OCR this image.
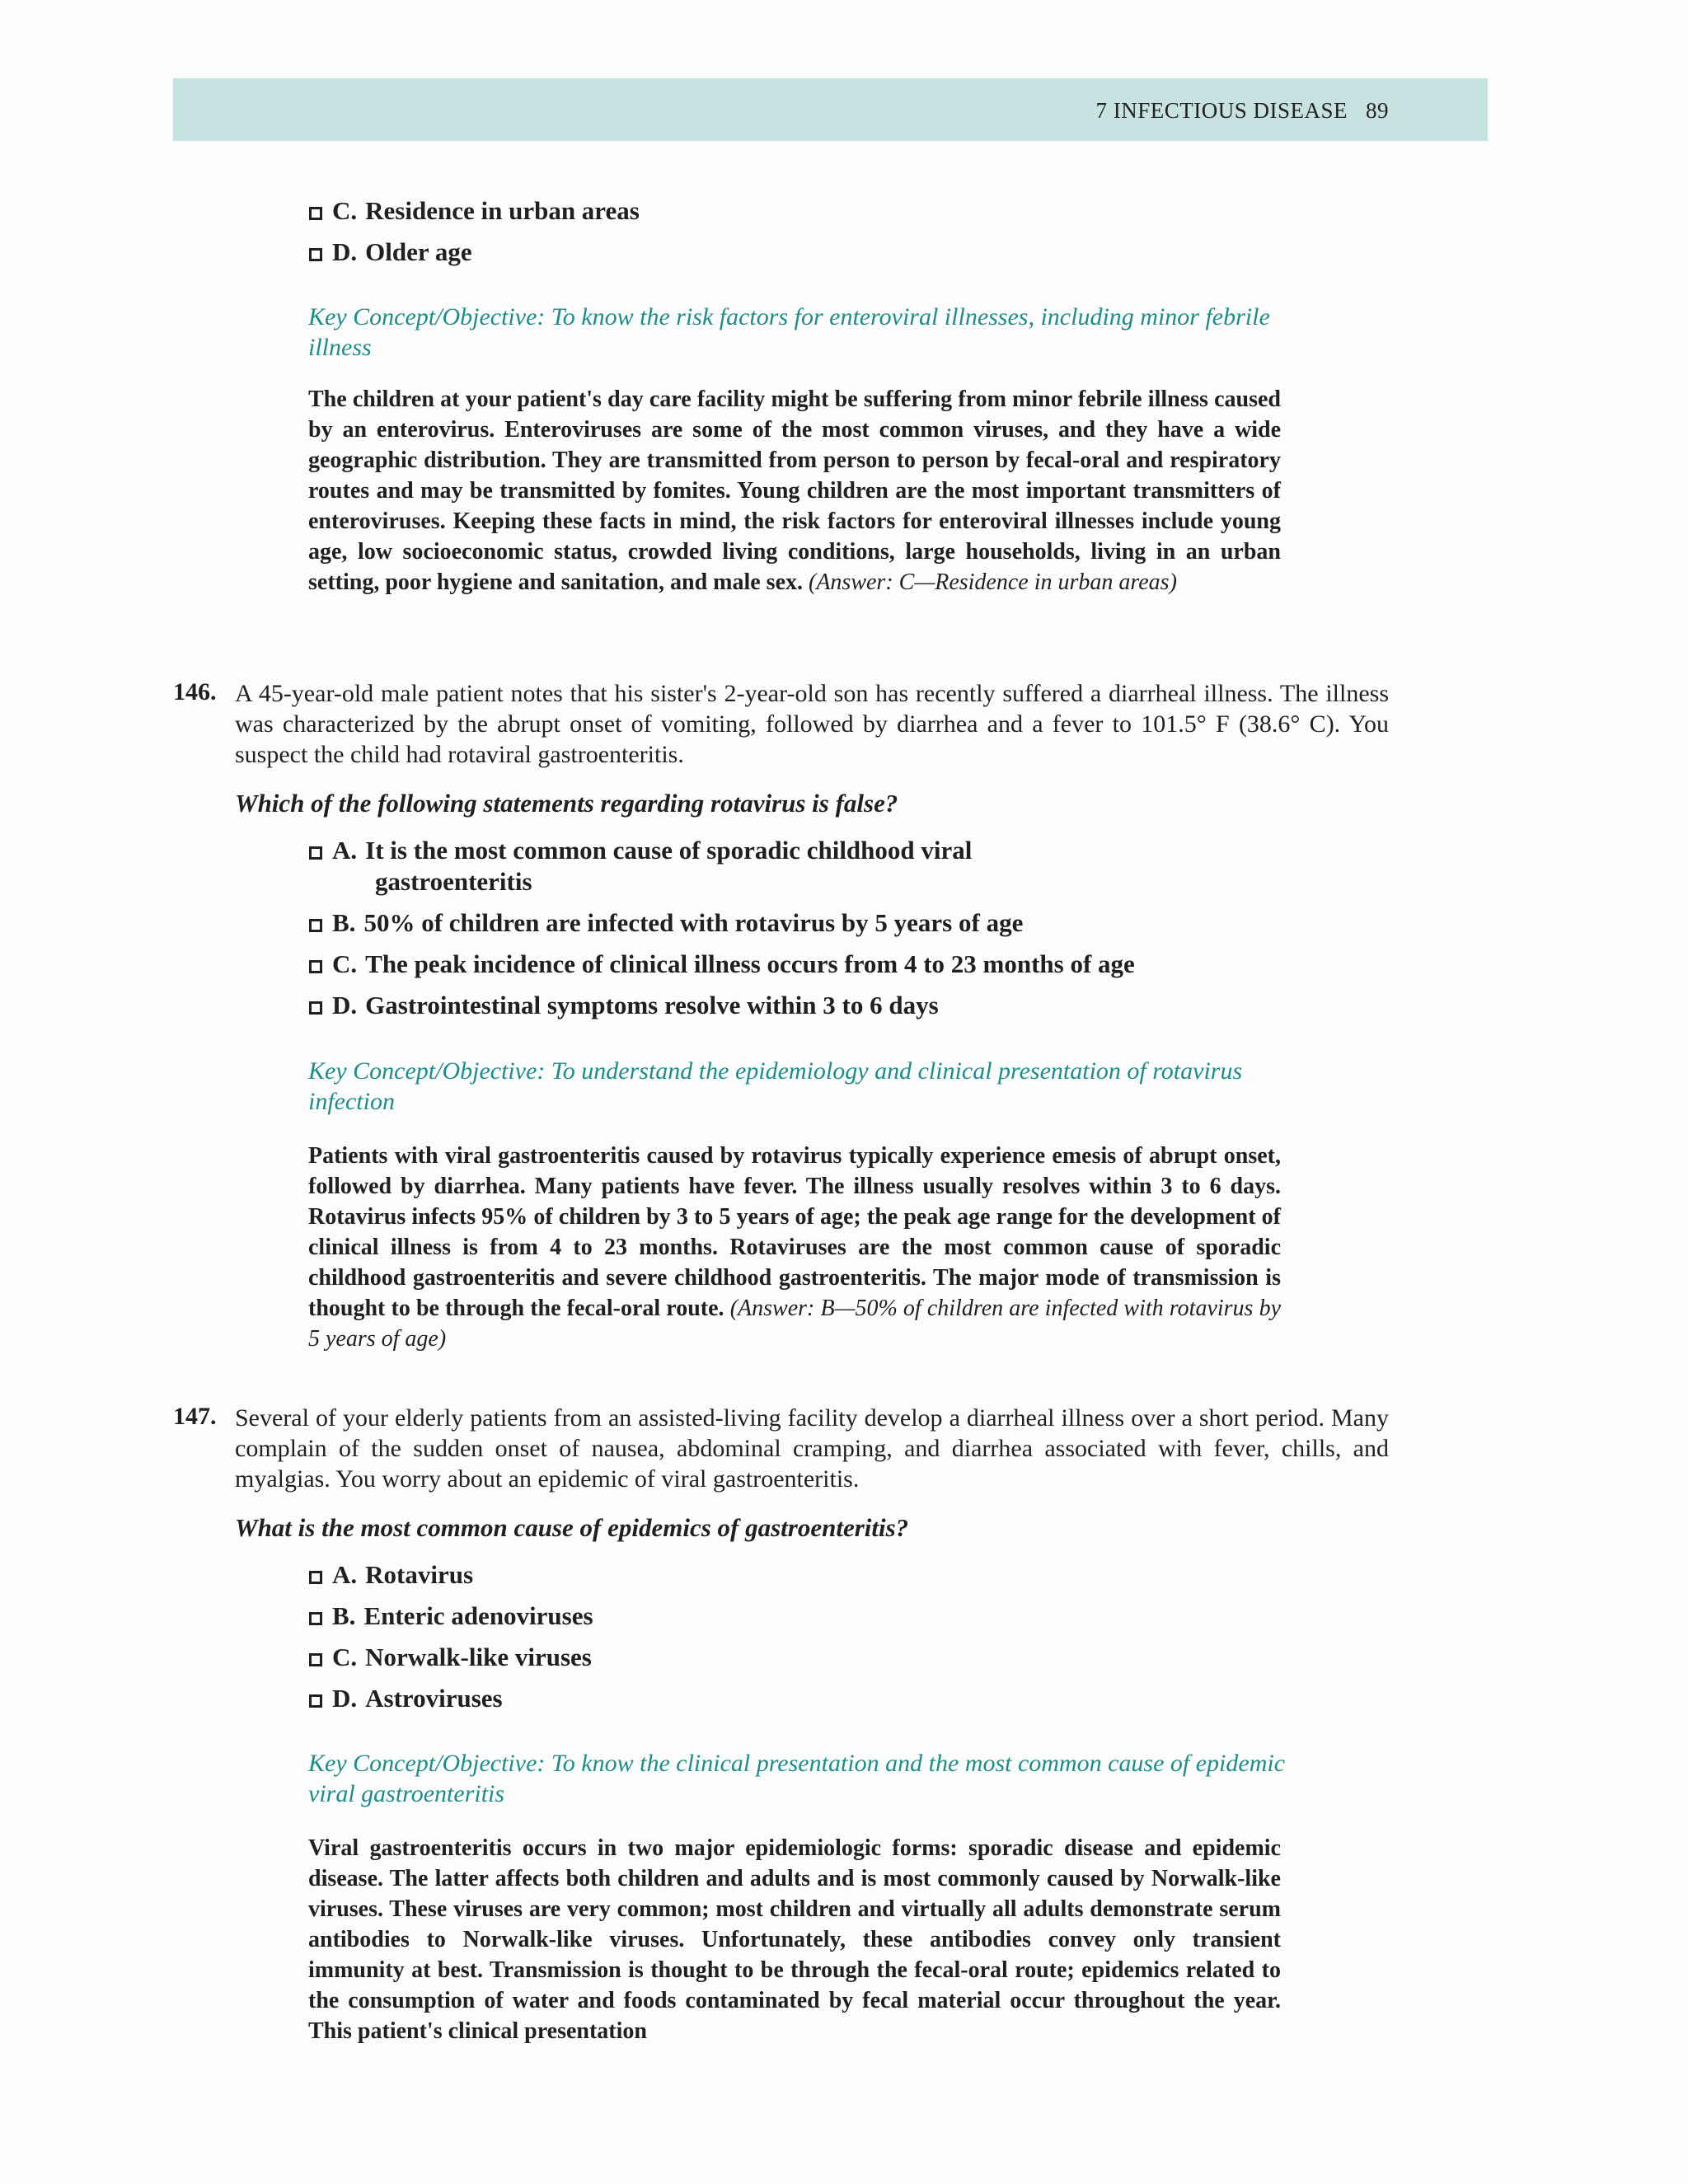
7 INFECTIOUS DISEASE 89
C. Residence in urban areas
D. Older age
Key Concept/Objective: To know the risk factors for enteroviral illnesses, including minor febrile illness
The children at your patient's day care facility might be suffering from minor febrile illness caused by an enterovirus. Enteroviruses are some of the most common viruses, and they have a wide geographic distribution. They are transmitted from person to person by fecal-oral and respiratory routes and may be transmitted by fomites. Young children are the most important transmitters of enteroviruses. Keeping these facts in mind, the risk factors for enteroviral illnesses include young age, low socioeconomic status, crowded living conditions, large households, living in an urban setting, poor hygiene and sanitation, and male sex. (Answer: C—Residence in urban areas)
146. A 45-year-old male patient notes that his sister's 2-year-old son has recently suffered a diarrheal illness. The illness was characterized by the abrupt onset of vomiting, followed by diarrhea and a fever to 101.5° F (38.6° C). You suspect the child had rotaviral gastroenteritis.
Which of the following statements regarding rotavirus is false?
A. It is the most common cause of sporadic childhood viral
gastroenteritis
B. 50% of children are infected with rotavirus by 5 years of age
C. The peak incidence of clinical illness occurs from 4 to 23 months of age
D. Gastrointestinal symptoms resolve within 3 to 6 days
Key Concept/Objective: To understand the epidemiology and clinical presentation of rotavirus infection
Patients with viral gastroenteritis caused by rotavirus typically experience emesis of abrupt onset, followed by diarrhea. Many patients have fever. The illness usually resolves within 3 to 6 days. Rotavirus infects 95% of children by 3 to 5 years of age; the peak age range for the development of clinical illness is from 4 to 23 months. Rotaviruses are the most common cause of sporadic childhood gastroenteritis and severe childhood gastroenteritis. The major mode of transmission is thought to be through the fecal-oral route. (Answer: B—50% of children are infected with rotavirus by 5 years of age)
147. Several of your elderly patients from an assisted-living facility develop a diarrheal illness over a short period. Many complain of the sudden onset of nausea, abdominal cramping, and diarrhea associated with fever, chills, and myalgias. You worry about an epidemic of viral gastroenteritis.
What is the most common cause of epidemics of gastroenteritis?
A. Rotavirus
B. Enteric adenoviruses
C. Norwalk-like viruses
D. Astroviruses
Key Concept/Objective: To know the clinical presentation and the most common cause of epidemic viral gastroenteritis
Viral gastroenteritis occurs in two major epidemiologic forms: sporadic disease and epidemic disease. The latter affects both children and adults and is most commonly caused by Norwalk-like viruses. These viruses are very common; most children and virtually all adults demonstrate serum antibodies to Norwalk-like viruses. Unfortunately, these antibodies convey only transient immunity at best. Transmission is thought to be through the fecal-oral route; epidemics related to the consumption of water and foods contaminated by fecal material occur throughout the year. This patient's clinical presentation
